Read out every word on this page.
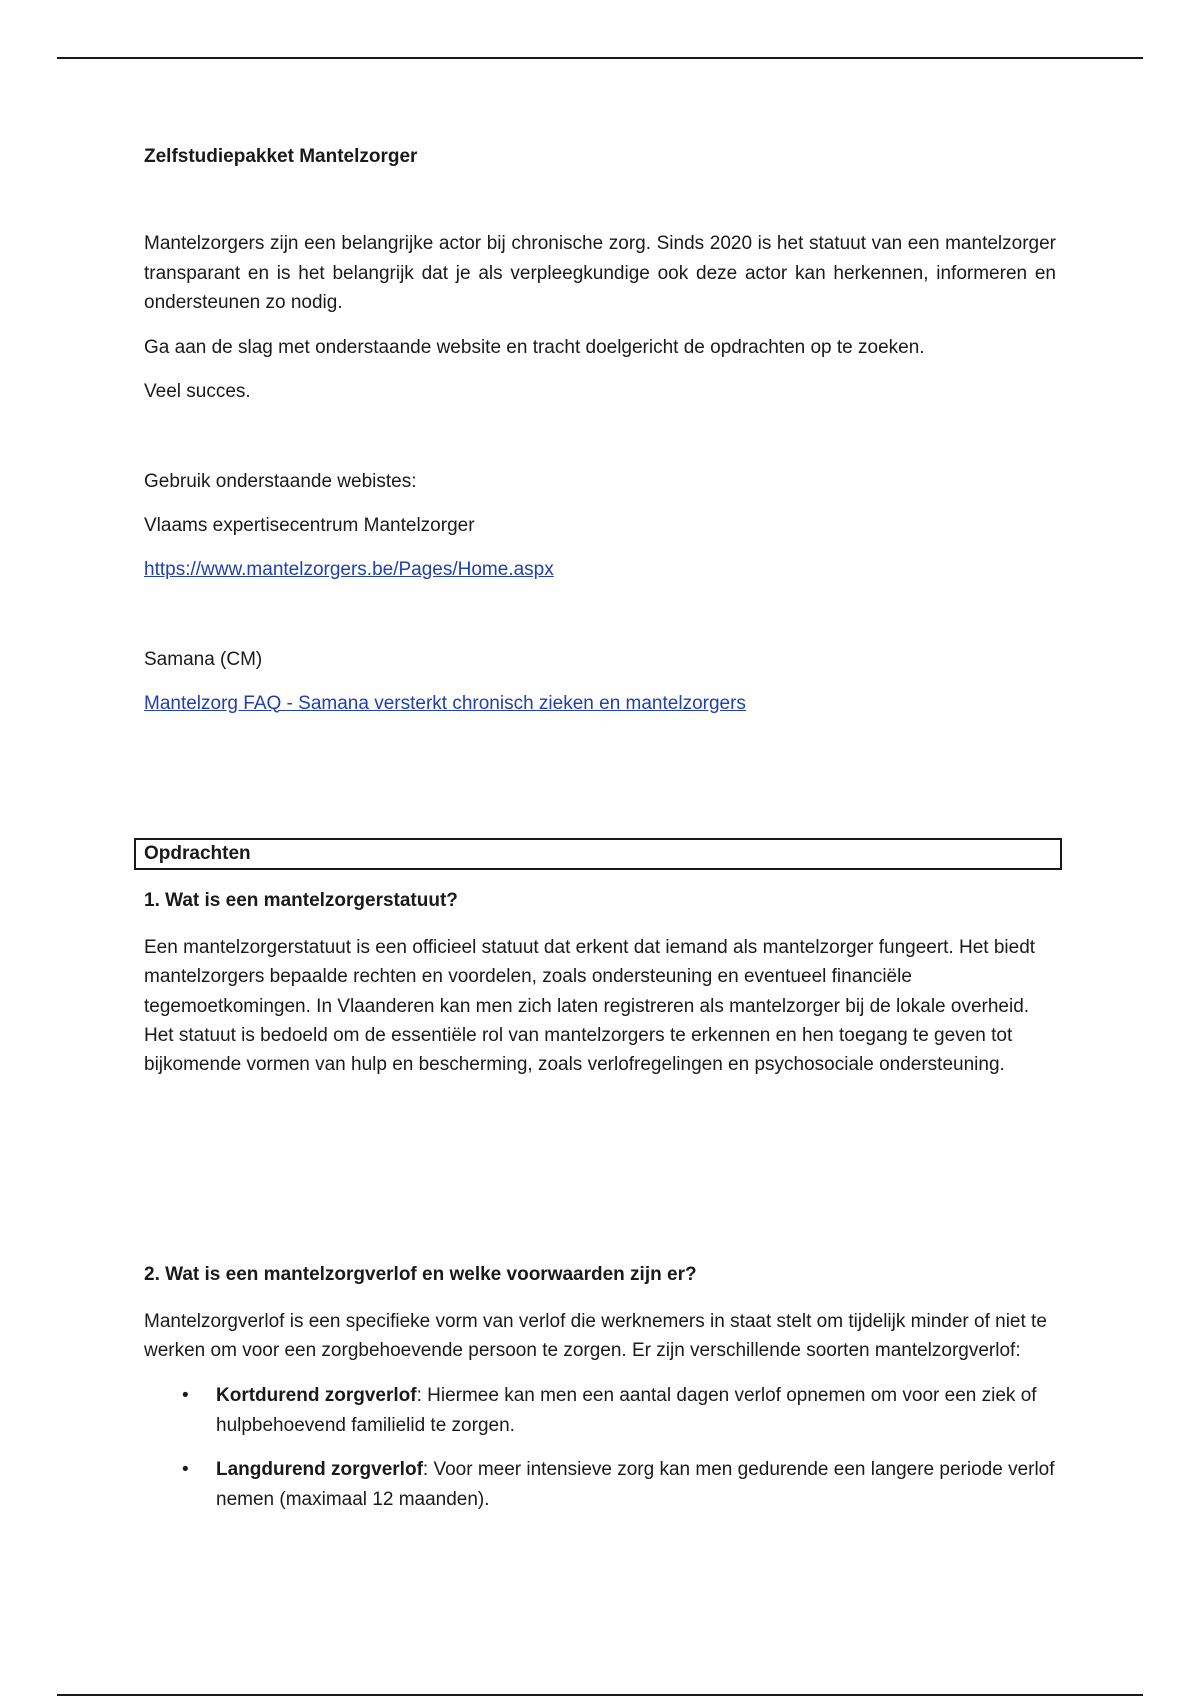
Zelfstudiepakket Mantelzorger

Mantelzorgers zijn een belangrijke actor bij chronische zorg. Sinds 2020 is het statuut van een mantelzorger transparant en is het belangrijk dat je als verpleegkundige ook deze actor kan herkennen, informeren en ondersteunen zo nodig.

Ga aan de slag met onderstaande website en tracht doelgericht de opdrachten op te zoeken.

Veel succes.

Gebruik onderstaande webistes:

Vlaams expertisecentrum Mantelzorger

https://www.mantelzorgers.be/Pages/Home.aspx

Samana (CM)

Mantelzorg FAQ - Samana versterkt chronisch zieken en mantelzorgers

Opdrachten

1. Wat is een mantelzorgerstatuut?

Een mantelzorgerstatuut is een officieel statuut dat erkent dat iemand als mantelzorger fungeert. Het biedt mantelzorgers bepaalde rechten en voordelen, zoals ondersteuning en eventueel financiële tegemoetkomingen. In Vlaanderen kan men zich laten registreren als mantelzorger bij de lokale overheid. Het statuut is bedoeld om de essentiële rol van mantelzorgers te erkennen en hen toegang te geven tot bijkomende vormen van hulp en bescherming, zoals verlofregelingen en psychosociale ondersteuning.

2. Wat is een mantelzorgverlof en welke voorwaarden zijn er?

Mantelzorgverlof is een specifieke vorm van verlof die werknemers in staat stelt om tijdelijk minder of niet te werken om voor een zorgbehoevende persoon te zorgen. Er zijn verschillende soorten mantelzorgverlof:

• Kortdurend zorgverlof: Hiermee kan men een aantal dagen verlof opnemen om voor een ziek of hulpbehoevend familielid te zorgen.
• Langdurend zorgverlof: Voor meer intensieve zorg kan men gedurende een langere periode verlof nemen (maximaal 12 maanden).
